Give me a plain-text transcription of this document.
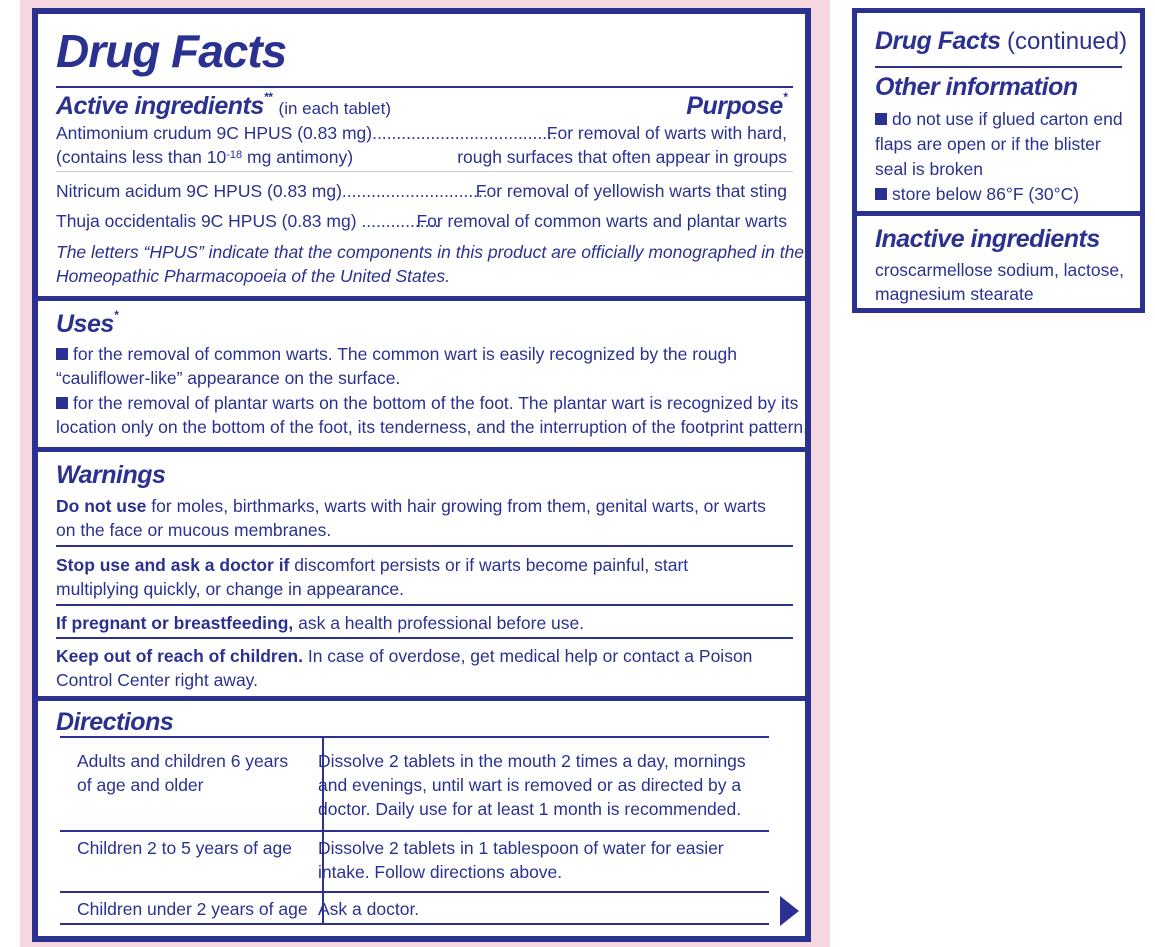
Drug Facts
Active ingredients** (in each tablet)	Purpose*
Antimonium crudum 9C HPUS (0.83 mg)......................................
For removal of warts with hard,
(contains less than $10^{-18}$ mg antimony)	rough surfaces that often appear in groups
Nitricum acidum 9C HPUS (0.83 mg)..............................
For removal of yellowish warts that sting
Thuja occidentalis 9C HPUS (0.83 mg) ................
For removal of common warts and plantar warts
The letters “HPUS” indicate that the components in this product are officially monographed in the
Homeopathic Pharmacopoeia of the United States.
Uses*
for the removal of common warts. The common wart is easily recognized by the rough
“cauliflower-like” appearance on the surface.
for the removal of plantar warts on the bottom of the foot. The plantar wart is recognized by its
location only on the bottom of the foot, its tenderness, and the interruption of the footprint pattern.
Warnings
Do not use for moles, birthmarks, warts with hair growing from them, genital warts, or warts
on the face or mucous membranes.
Stop use and ask a doctor if discomfort persists or if warts become painful, start
multiplying quickly, or change in appearance.
If pregnant or breastfeeding, ask a health professional before use.
Keep out of reach of children. In case of overdose, get medical help or contact a Poison
Control Center right away.
Directions
Adults and children 6 years
of age and older
Dissolve 2 tablets in the mouth 2 times a day, mornings
and evenings, until wart is removed or as directed by a
doctor. Daily use for at least 1 month is recommended.
Children 2 to 5 years of age Dissolve 2 tablets in 1 tablespoon of water for easier
intake. Follow directions above.
Children under 2 years of age Ask a doctor.
Drug Facts (continued)
Other information
do not use if glued carton end
flaps are open or if the blister
seal is broken
store below 86°F (30°C)
Inactive ingredients
croscarmellose sodium, lactose,
magnesium stearate
